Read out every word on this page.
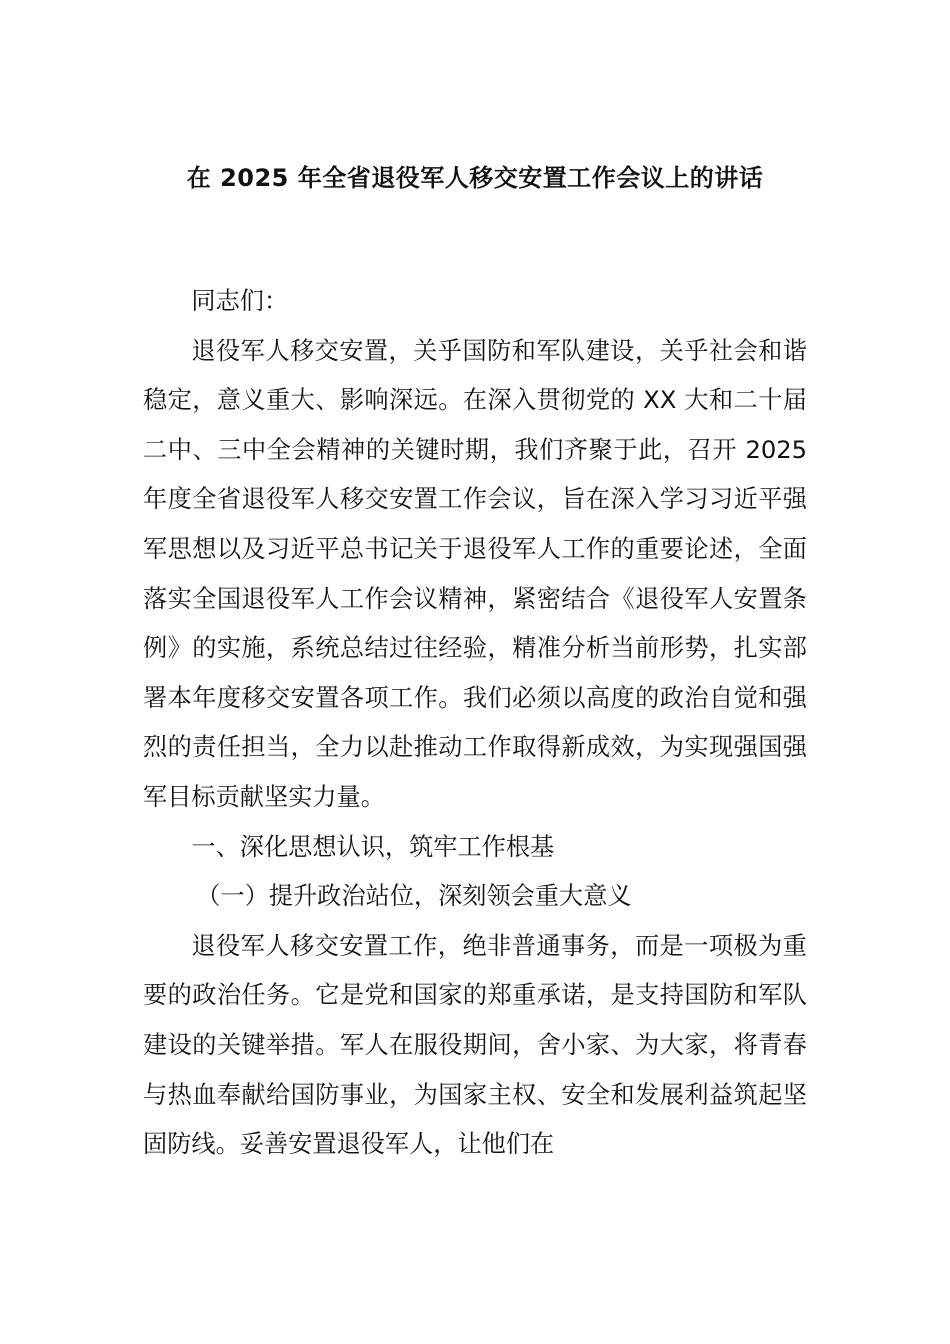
在 2025 年全省退役军人移交安置工作会议上的讲话

同志们：

退役军人移交安置，关乎国防和军队建设，关乎社会和谐稳定，意义重大、影响深远。在深入贯彻党的 XX 大和二十届二中、三中全会精神的关键时期，我们齐聚于此，召开 2025 年度全省退役军人移交安置工作会议，旨在深入学习习近平强军思想以及习近平总书记关于退役军人工作的重要论述，全面落实全国退役军人工作会议精神，紧密结合《退役军人安置条例》的实施，系统总结过往经验，精准分析当前形势，扎实部署本年度移交安置各项工作。我们必须以高度的政治自觉和强烈的责任担当，全力以赴推动工作取得新成效，为实现强国强军目标贡献坚实力量。

一、深化思想认识，筑牢工作根基

（一）提升政治站位，深刻领会重大意义

退役军人移交安置工作，绝非普通事务，而是一项极为重要的政治任务。它是党和国家的郑重承诺，是支持国防和军队建设的关键举措。军人在服役期间，舍小家、为大家，将青春与热血奉献给国防事业，为国家主权、安全和发展利益筑起坚固防线。妥善安置退役军人，让他们在
